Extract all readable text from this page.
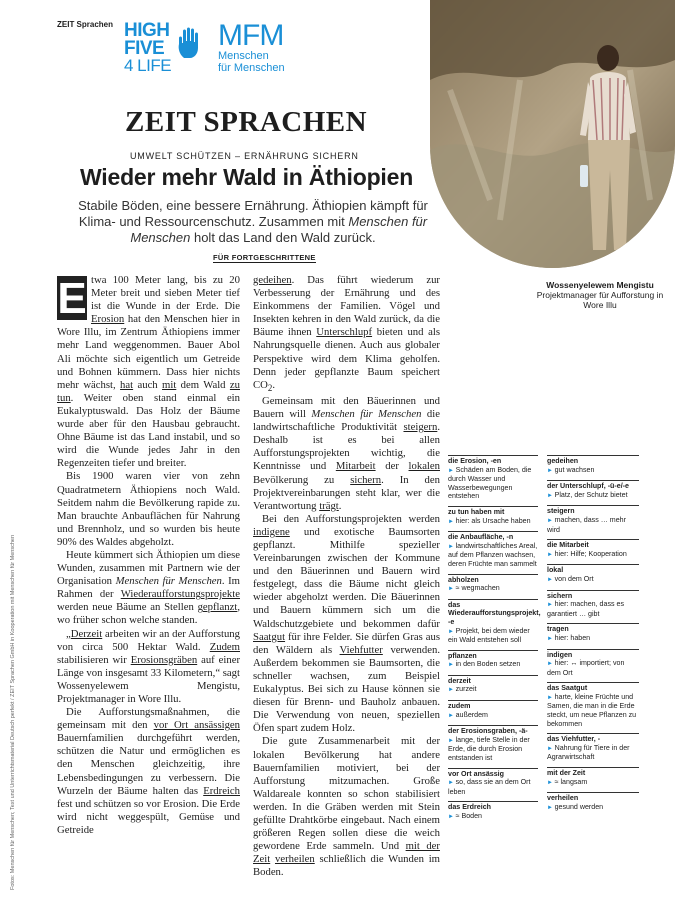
ZEIT Sprachen HIGH
FIVE
4 LIFE
MFM
Menschen
für Menschen
ZEIT SPRACHEN
UMWELT SCHÜTZEN – ERNÄHRUNG SICHERN
Wieder mehr Wald in Äthiopien
Stabile Böden, eine bessere Ernährung. Äthiopien kämpft für Klima- und Ressourcenschutz. Zusammen mit Menschen für Menschen holt das Land den Wald zurück.
FÜR FORTGESCHRITTENE
Wossenyelewem Mengistu
Projektmanager für Aufforstung in Wore Illu
Fotos: Menschen für Menschen; Text und Unterrichtsmaterial Deutsch perfekt / ZEIT Sprachen GmbH in Kooperation mit Menschen für Menschen

E twa 100 Meter lang, bis zu 20 Meter breit und sieben Meter tief ist die Wunde in der Erde. Die Erosion hat den Menschen hier in Wore Illu, im Zentrum Äthiopiens immer mehr Land weggenommen. Bauer Abol Ali möchte sich eigentlich um Getreide und Bohnen kümmern. Dass hier nichts mehr wächst, hat auch mit dem Wald zu tun. Weiter oben stand einmal ein Eukalyptuswald. Das Holz der Bäume wurde aber für den Hausbau gebraucht. Ohne Bäume ist das Land instabil, und so wird die Wunde jedes Jahr in den Regenzeiten tiefer und breiter.

Bis 1900 waren vier von zehn Quadratmetern Äthiopiens noch Wald. Seitdem nahm die Bevölkerung rapide zu. Man brauchte Anbauflächen für Nahrung und Brennholz, und so wurden bis heute 90% des Waldes abgeholzt.

Heute kümmert sich Äthiopien um diese Wunden, zusammen mit Partnern wie der Organisation Menschen für Menschen. Im Rahmen der Wiederaufforstungsprojekte werden neue Bäume an Stellen gepflanzt, wo früher schon welche standen.

„Derzeit arbeiten wir an der Aufforstung von circa 500 Hektar Wald. Zudem stabilisieren wir Erosionsgräben auf einer Länge von insgesamt 33 Kilometern,“ sagt Wossenyelewem Mengistu, Projektmanager in Wore Illu.

Die Aufforstungsmaßnahmen, die gemeinsam mit den vor Ort ansässigen Bauernfamilien durchgeführt werden, schützen die Natur und ermöglichen es den Menschen gleichzeitig, ihre Lebensbedingungen zu verbessern. Die Wurzeln der Bäume halten das Erdreich fest und schützen so vor Erosion. Die Erde wird nicht weggespült, Gemüse und Getreide

gedeihen. Das führt wiederum zur Verbesserung der Ernährung und des Einkommens der Familien. Vögel und Insekten kehren in den Wald zurück, da die Bäume ihnen Unterschlupf bieten und als Nahrungsquelle dienen. Auch aus globaler Perspektive wird dem Klima geholfen. Denn jeder gepflanzte Baum speichert $CO_2$.

Gemeinsam mit den Bäuerinnen und Bauern will Menschen für Menschen die landwirtschaftliche Produktivität steigern. Deshalb ist es bei allen Aufforstungsprojekten wichtig, die Kenntnisse und Mitarbeit der lokalen Bevölkerung zu sichern. In den Projektvereinbarungen steht klar, wer die Verantwortung trägt.

Bei den Aufforstungsprojekten werden indigene und exotische Baumsorten gepflanzt. Mithilfe spezieller Vereinbarungen zwischen der Kommune und den Bäuerinnen und Bauern wird festgelegt, dass die Bäume nicht gleich wieder abgeholzt werden. Die Bäuerinnen und Bauern kümmern sich um die Waldschutzgebiete und bekommen dafür Saatgut für ihre Felder. Sie dürfen Gras aus den Wäldern als Viehfutter verwenden. Außerdem bekommen sie Baumsorten, die schneller wachsen, zum Beispiel Eukalyptus. Bei sich zu Hause können sie diesen für Brenn- und Bauholz anbauen. Die Verwendung von neuen, speziellen Öfen spart zudem Holz.

Die gute Zusammenarbeit mit der lokalen Bevölkerung hat andere Bauernfamilien motiviert, bei der Aufforstung mitzumachen. Große Waldareale konnten so schon stabilisiert werden. In die Gräben werden mit Stein gefüllte Drahtkörbe eingebaut. Nach einem größeren Regen sollen diese die weich gewordene Erde sammeln. Und mit der Zeit verheilen schließlich die Wunden im Boden.

die Erosion, -en
► Schäden am Boden, die durch Wasser und Wasserbewegungen entstehen
zu tun haben mit
► hier: als Ursache haben
die Anbaufläche, -n
► landwirtschaftliches Areal, auf dem Pflanzen wachsen, deren Früchte man sammelt
abholzen
► ≈ wegmachen
das Wiederaufforstungsprojekt, -e
► Projekt, bei dem wieder ein Wald entstehen soll
pflanzen
► in den Boden setzen
derzeit
► zurzeit
zudem
► außerdem
der Erosionsgraben, -ä-
► lange, tiefe Stelle in der Erde, die durch Erosion entstanden ist
vor Ort ansässig
► so, dass sie an dem Ort leben
das Erdreich
► ≈ Boden
gedeihen
► gut wachsen
der Unterschlupf, -ü-e/-e
► Platz, der Schutz bietet
steigern
► machen, dass … mehr wird
die Mitarbeit
► hier: Hilfe; Kooperation
lokal
► von dem Ort
sichern
► hier: machen, dass es garantiert … gibt
tragen
► hier: haben
indigen
► hier: ↔ importiert; von dem Ort
das Saatgut
► harte, kleine Früchte und Samen, die man in die Erde steckt, um neue Pflanzen zu bekommen
das Viehfutter, -
► Nahrung für Tiere in der Agrarwirtschaft
mit der Zeit
► ≈ langsam
verheilen
► gesund werden
